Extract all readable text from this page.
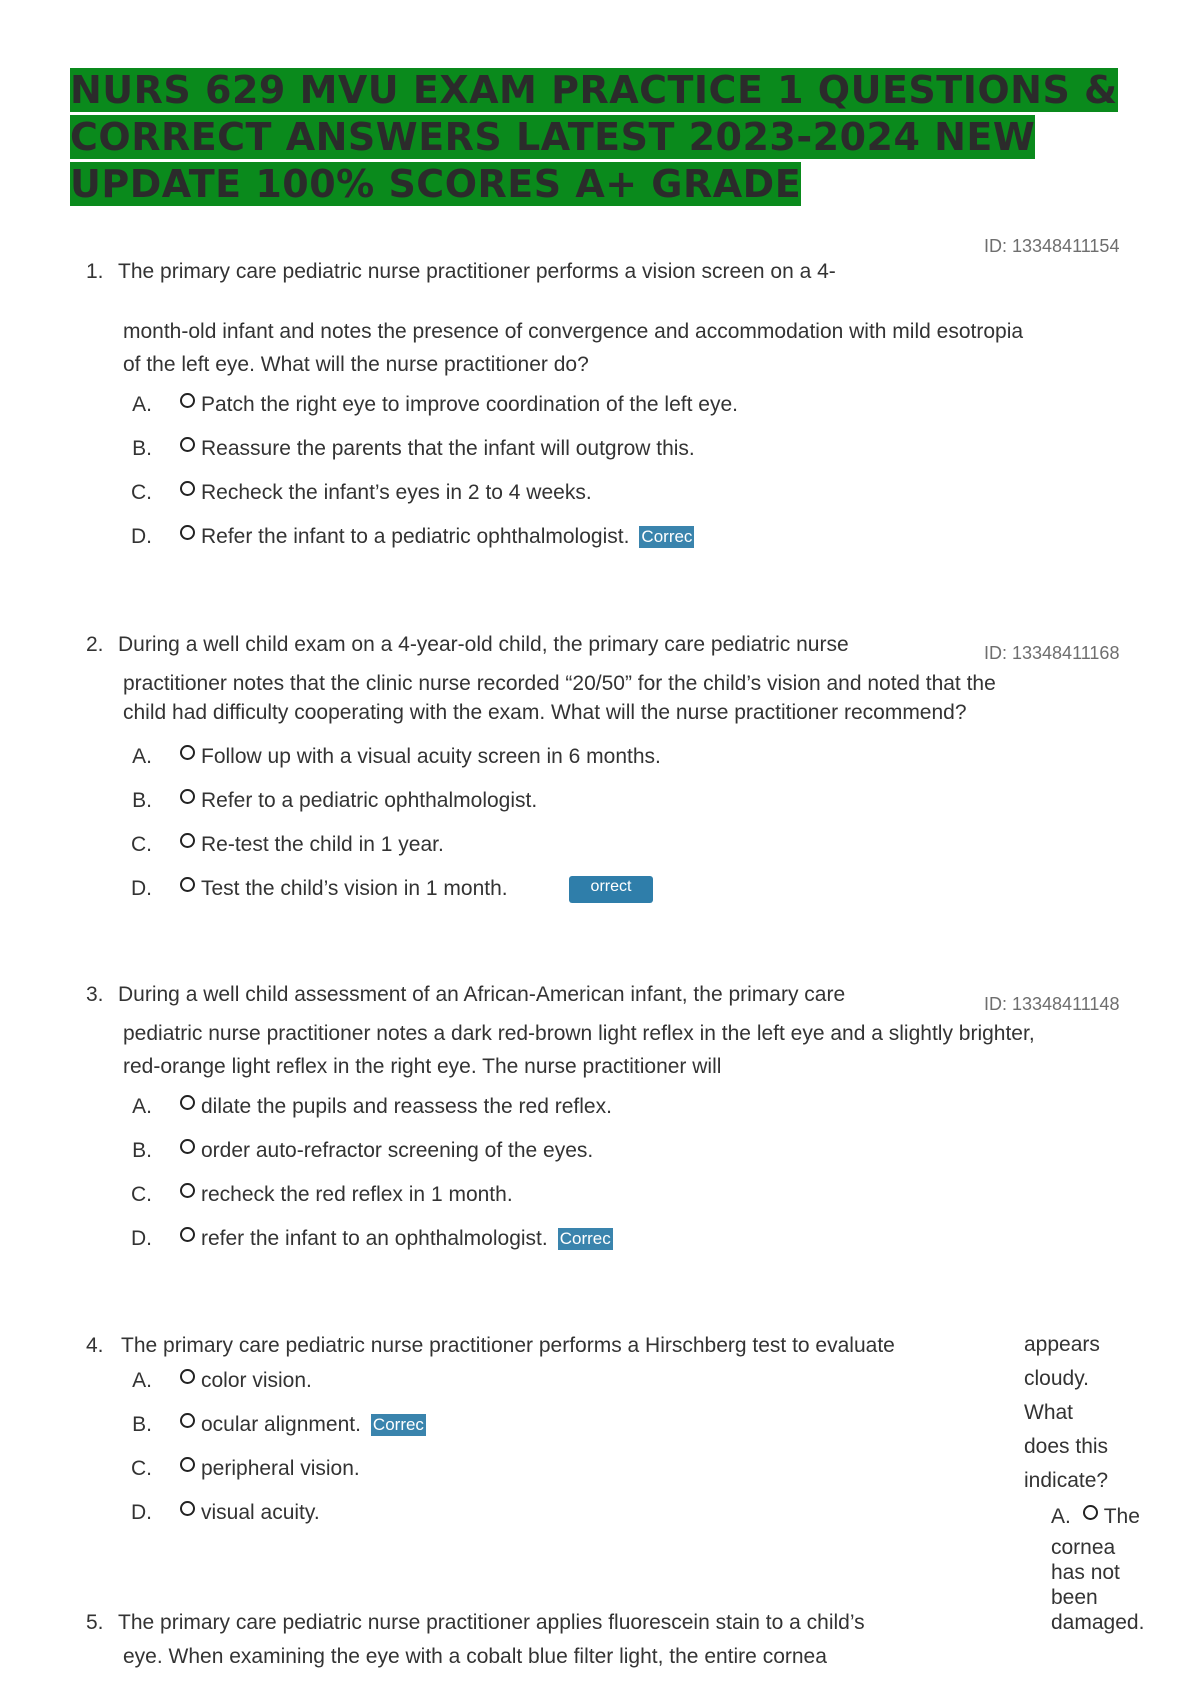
NURS 629 MVU EXAM PRACTICE 1 QUESTIONS & CORRECT ANSWERS LATEST 2023-2024 NEW UPDATE 100% SCORES A+ GRADE
ID: 13348411154
1. The primary care pediatric nurse practitioner performs a vision screen on a 4-
month-old infant and notes the presence of convergence and accommodation with mild esotropia
of the left eye. What will the nurse practitioner do?
A. Patch the right eye to improve coordination of the left eye.
B. Reassure the parents that the infant will outgrow this.
C. Recheck the infant’s eyes in 2 to 4 weeks.
D. Refer the infant to a pediatric ophthalmologist. Correc
2. During a well child exam on a 4-year-old child, the primary care pediatric nurse	ID: 13348411168
practitioner notes that the clinic nurse recorded “20/50” for the child’s vision and noted that the
child had difficulty cooperating with the exam. What will the nurse practitioner recommend?
A. Follow up with a visual acuity screen in 6 months.
B. Refer to a pediatric ophthalmologist.
C. Re-test the child in 1 year.
D. Test the child’s vision in 1 month.	orrect
3. During a well child assessment of an African-American infant, the primary care	ID: 13348411148
pediatric nurse practitioner notes a dark red-brown light reflex in the left eye and a slightly brighter,
red-orange light reflex in the right eye. The nurse practitioner will
A. dilate the pupils and reassess the red reflex.
B. order auto-refractor screening of the eyes.
C. recheck the red reflex in 1 month.
D. refer the infant to an ophthalmologist. Correc
4. The primary care pediatric nurse practitioner performs a Hirschberg test to evaluate
A. color vision.
B. ocular alignment. Correc
C. peripheral vision.
D. visual acuity.
5. The primary care pediatric nurse practitioner applies fluorescein stain to a child’s
eye. When examining the eye with a cobalt blue filter light, the entire cornea
appears
cloudy.
What
does this
indicate?
A. The
cornea
has not
been
damaged.
